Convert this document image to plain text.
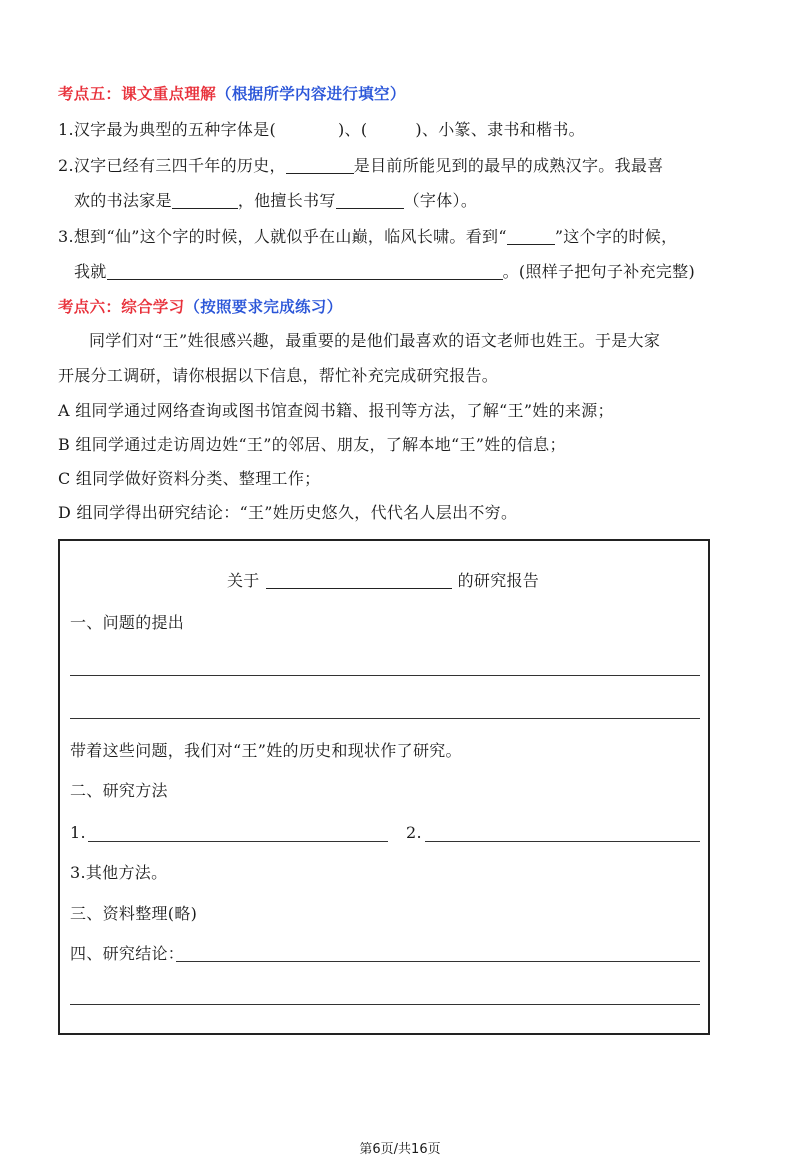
考点五：课文重点理解（根据所学内容进行填空）
1.汉字最为典型的五种字体是(	)、(	)、小篆、隶书和楷书。
2.汉字已经有三四千年的历史，	是目前所能见到的最早的成熟汉字。我最喜
欢的书法家是	，他擅长书写	（字体）。
3.想到“仙”这个字的时候，人就似乎在山巅，临风长啸。看到“	”这个字的时候，
我就	。(照样子把句子补充完整)
考点六：综合学习（按照要求完成练习）
同学们对“王”姓很感兴趣，最重要的是他们最喜欢的语文老师也姓王。于是大家
开展分工调研，请你根据以下信息，帮忙补充完成研究报告。
A 组同学通过网络查询或图书馆查阅书籍、报刊等方法，了解“王”姓的来源；
B 组同学通过走访周边姓“王”的邻居、朋友，了解本地“王”姓的信息；
C 组同学做好资料分类、整理工作；
D 组同学得出研究结论：“王”姓历史悠久，代代名人层出不穷。
关于	的研究报告
一、问题的提出
带着这些问题，我们对“王”姓的历史和现状作了研究。
二、研究方法
1.	2.
3.其他方法。
三、资料整理(略)
四、研究结论：
第6页/共16页
